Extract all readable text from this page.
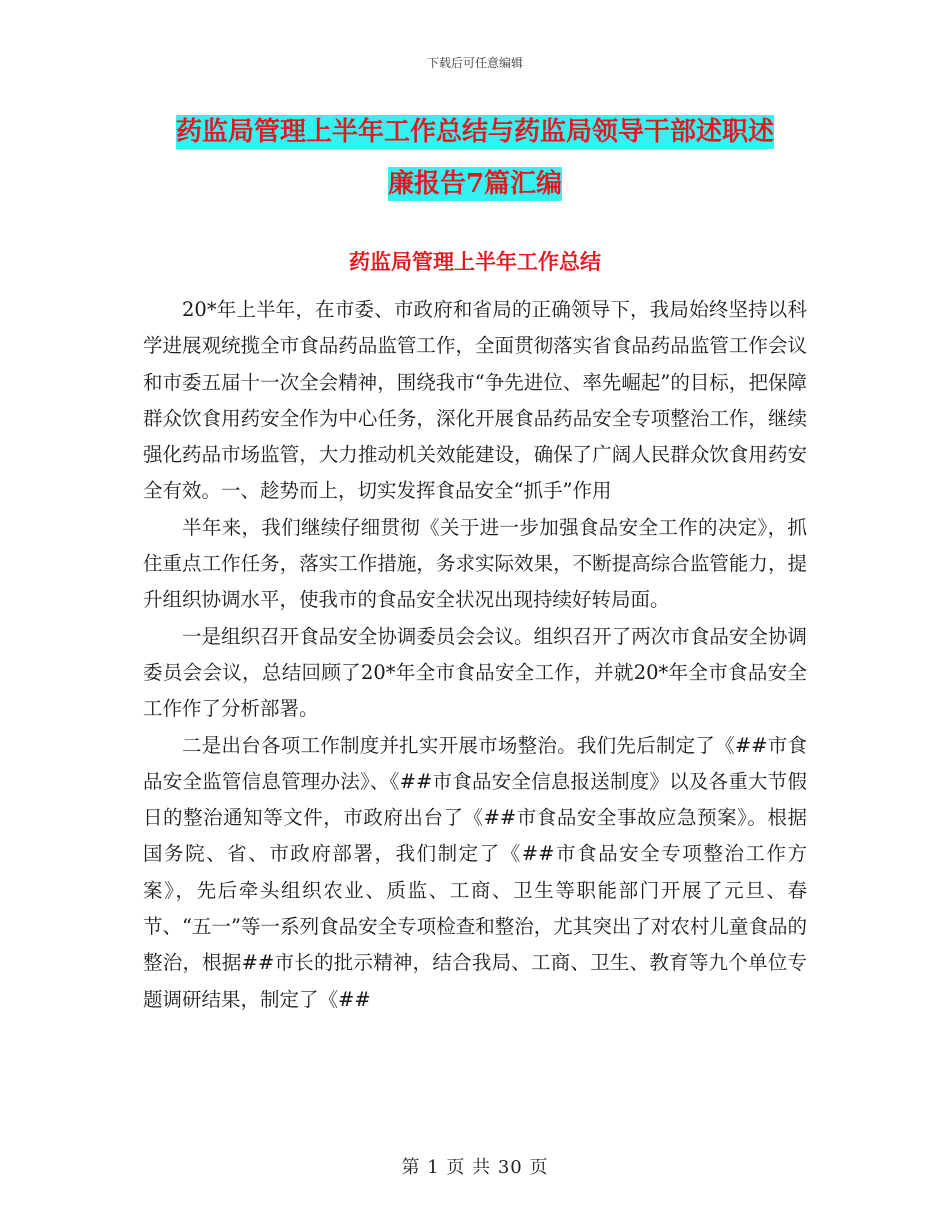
下载后可任意编辑
药监局管理上半年工作总结与药监局领导干部述职述
廉报告7篇汇编
药监局管理上半年工作总结

20*年上半年，在市委、市政府和省局的正确领导下，我局始终坚持以科学进展观统揽全市食品药品监管工作，全面贯彻落实省食品药品监管工作会议和市委五届十一次全会精神，围绕我市“争先进位、率先崛起”的目标，把保障群众饮食用药安全作为中心任务，深化开展食品药品安全专项整治工作，继续强化药品市场监管，大力推动机关效能建设，确保了广阔人民群众饮食用药安全有效。一、趁势而上，切实发挥食品安全“抓手”作用

半年来，我们继续仔细贯彻《关于进一步加强食品安全工作的决定》，抓住重点工作任务，落实工作措施，务求实际效果，不断提高综合监管能力，提升组织协调水平，使我市的食品安全状况出现持续好转局面。

一是组织召开食品安全协调委员会会议。组织召开了两次市食品安全协调委员会会议，总结回顾了20*年全市食品安全工作，并就20*年全市食品安全工作作了分析部署。

二是出台各项工作制度并扎实开展市场整治。我们先后制定了《##市食品安全监管信息管理办法》、《##市食品安全信息报送制度》以及各重大节假日的整治通知等文件，市政府出台了《##市食品安全事故应急预案》。根据国务院、省、市政府部署，我们制定了《##市食品安全专项整治工作方案》，先后牵头组织农业、质监、工商、卫生等职能部门开展了元旦、春节、“五一”等一系列食品安全专项检查和整治，尤其突出了对农村儿童食品的整治，根据##市长的批示精神，结合我局、工商、卫生、教育等九个单位专题调研结果，制定了《##

第 1 页 共 30 页
